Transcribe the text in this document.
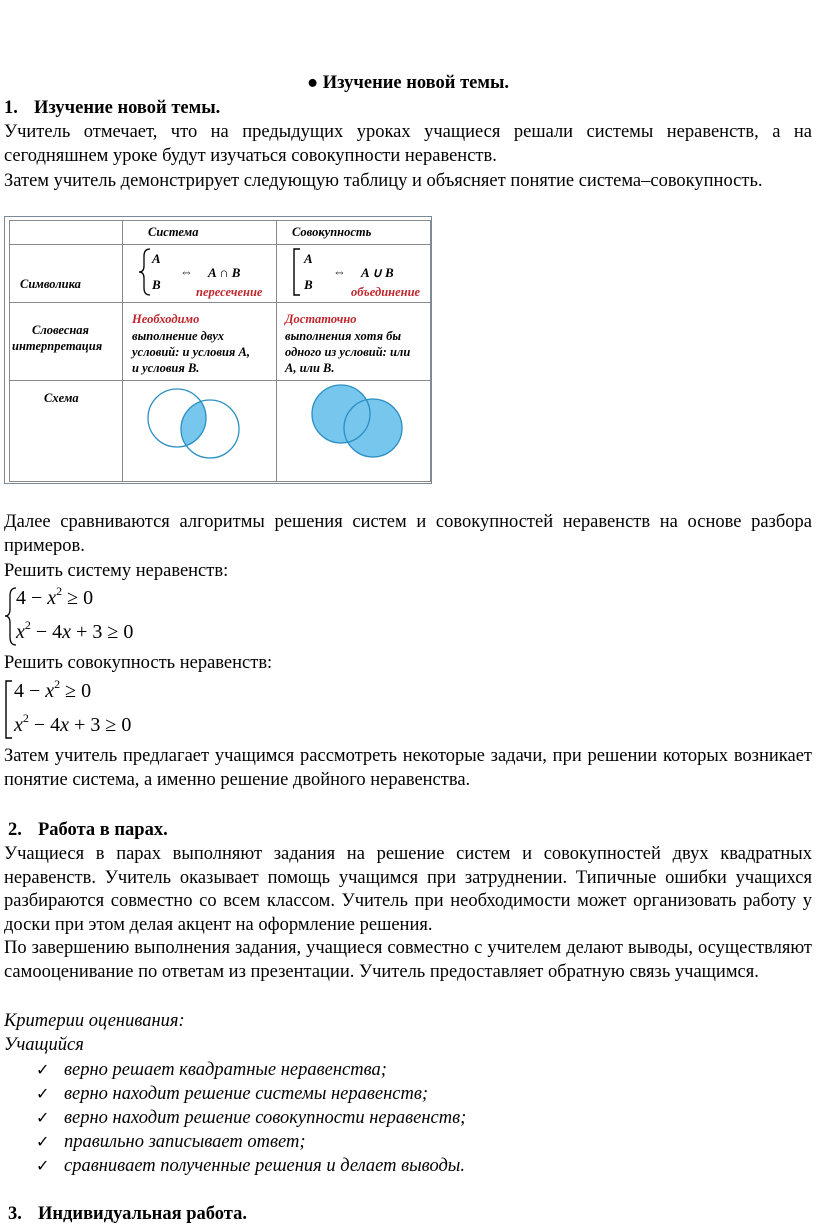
● Изучение новой темы.
1. Изучение новой темы.
Учитель отмечает, что на предыдущих уроках учащиеся решали системы неравенств, а на сегодняшнем уроке будут изучаться совокупности неравенств.
Затем учитель демонстрирует следующую таблицу и объясняет понятие система–совокупность.
Система	Совокупность
Символика
Словесная
интерпретация
Схема
A
B
⇔ A ∩ B
пересечение
A
B
⇔ A ∪ B
объединение
Необходимо
выполнение двух
условий: и условия A,
и условия B.
Достаточно
выполнения хотя бы
одного из условий: или
A, или B.
Далее сравниваются алгоритмы решения систем и совокупностей неравенств на основе разбора примеров.
Решить систему неравенств:
$4 - x^2 \ge 0$
$x^2 - 4x + 3 \ge 0$
Решить совокупность неравенств:
$4 - x^2 \ge 0$
$x^2 - 4x + 3 \ge 0$
Затем учитель предлагает учащимся рассмотреть некоторые задачи, при решении которых возникает понятие система, а именно решение двойного неравенства.
2. Работа в парах.
Учащиеся в парах выполняют задания на решение систем и совокупностей двух квадратных неравенств. Учитель оказывает помощь учащимся при затруднении. Типичные ошибки учащихся разбираются совместно со всем классом. Учитель при необходимости может организовать работу у доски при этом делая акцент на оформление решения.
По завершению выполнения задания, учащиеся совместно с учителем делают выводы, осуществляют самооценивание по ответам из презентации. Учитель предоставляет обратную связь учащимся.
Критерии оценивания:
Учащийся
✓ верно решает квадратные неравенства;
✓ верно находит решение системы неравенств;
✓ верно находит решение совокупности неравенств;
✓ правильно записывает ответ;
✓ сравнивает полученные решения и делает выводы.
3. Индивидуальная работа.
